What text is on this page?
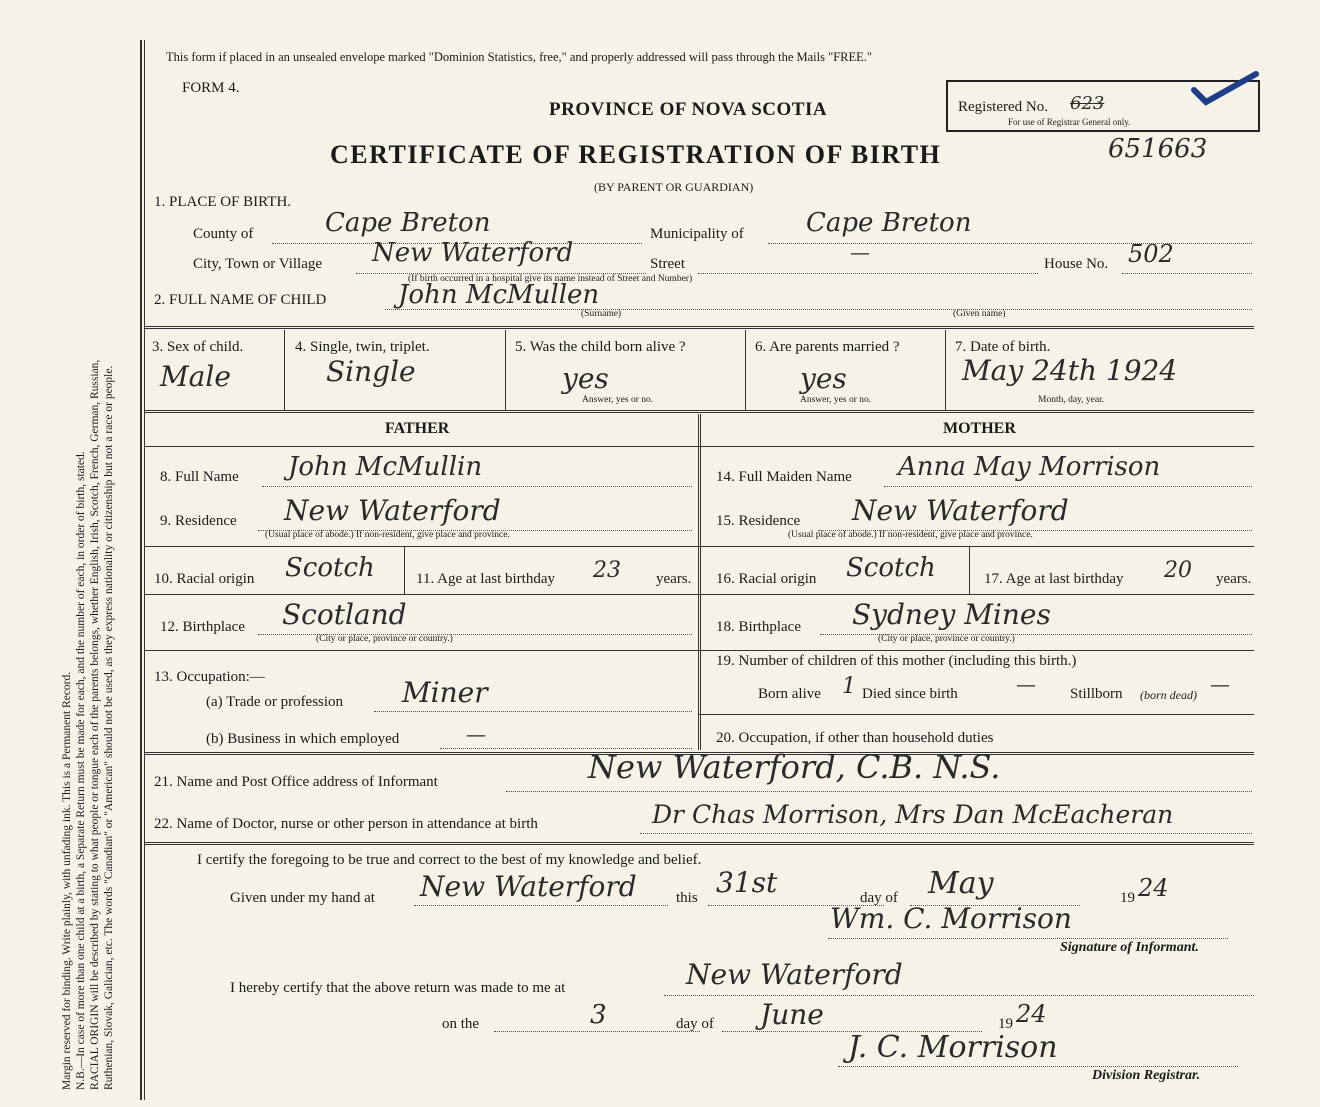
Margin reserved for binding. Write plainly, with unfading ink. This is a Permanent Record. N.B.—In case of more than one child at a birth, a Separate Return must be made for each, and the number of each, in order of birth, stated. RACIAL ORIGIN will be described by stating to what people or tongue each of the parents belongs, whether English, Irish, Scotch, French, German, Russian, Ruthenian, Slovak, Galician, etc. The words "Canadian" or "American" should not be used, as they express nationality or citizenship but not a race or people.
This form if placed in an unsealed envelope marked "Dominion Statistics, free," and properly addressed will pass through the Mails "FREE."
FORM 4.
PROVINCE OF NOVA SCOTIA
CERTIFICATE OF REGISTRATION OF BIRTH
(BY PARENT OR GUARDIAN)
Registered No. 623
For use of Registrar General only.
651663
1. PLACE OF BIRTH.
County of	Cape Breton	Municipality of Cape Breton
City, Town or Village New Waterford	Street	—
(If birth occurred in a hospital give its name instead of Street and Number)
House No. 502
2. FULL NAME OF CHILD	John McMullen
(Surname)	(Given name)
3. Sex of child.
Male
4. Single, twin, triplet.
Single
5. Was the child born alive ?
yes
Answer, yes or no.
6. Are parents married ?
yes
Answer, yes or no.
7. Date of birth.
May 24th 1924
Month, day, year.
FATHER	MOTHER
8. Full Name John McMullin
9. Residence New Waterford
(Usual place of abode.) If non-resident, give place and province.
10. Racial origin Scotch	11. Age at last birthday 23 years.
12. Birthplace Scotland
(City or place, province or country.)
13. Occupation:—
(a) Trade or profession Miner
(b) Business in which employed	—
14. Full Maiden Name Anna May Morrison
15. Residence New Waterford
(Usual place of abode.) If non-resident, give place and province.
16. Racial origin Scotch	17. Age at last birthday 20 years.
18. Birthplace Sydney Mines
(City or place, province or country.)
19. Number of children of this mother (including this birth.)
Born alive 1 Died since birth	— Stillborn (born dead) —
20. Occupation, if other than household duties
21. Name and Post Office address of Informant	New Waterford, C.B. N.S.
22. Name of Doctor, nurse or other person in attendance at birth	Dr Chas Morrison, Mrs Dan McEacheran
I certify the foregoing to be true and correct to the best of my knowledge and belief.
Given under my hand at New Waterford	this 31st	day of May	19 24
Wm. C. Morrison
Signature of Informant.
I hereby certify that the above return was made to me at	New Waterford
on the	3	day of June	19 24
J. C. Morrison
Division Registrar.
